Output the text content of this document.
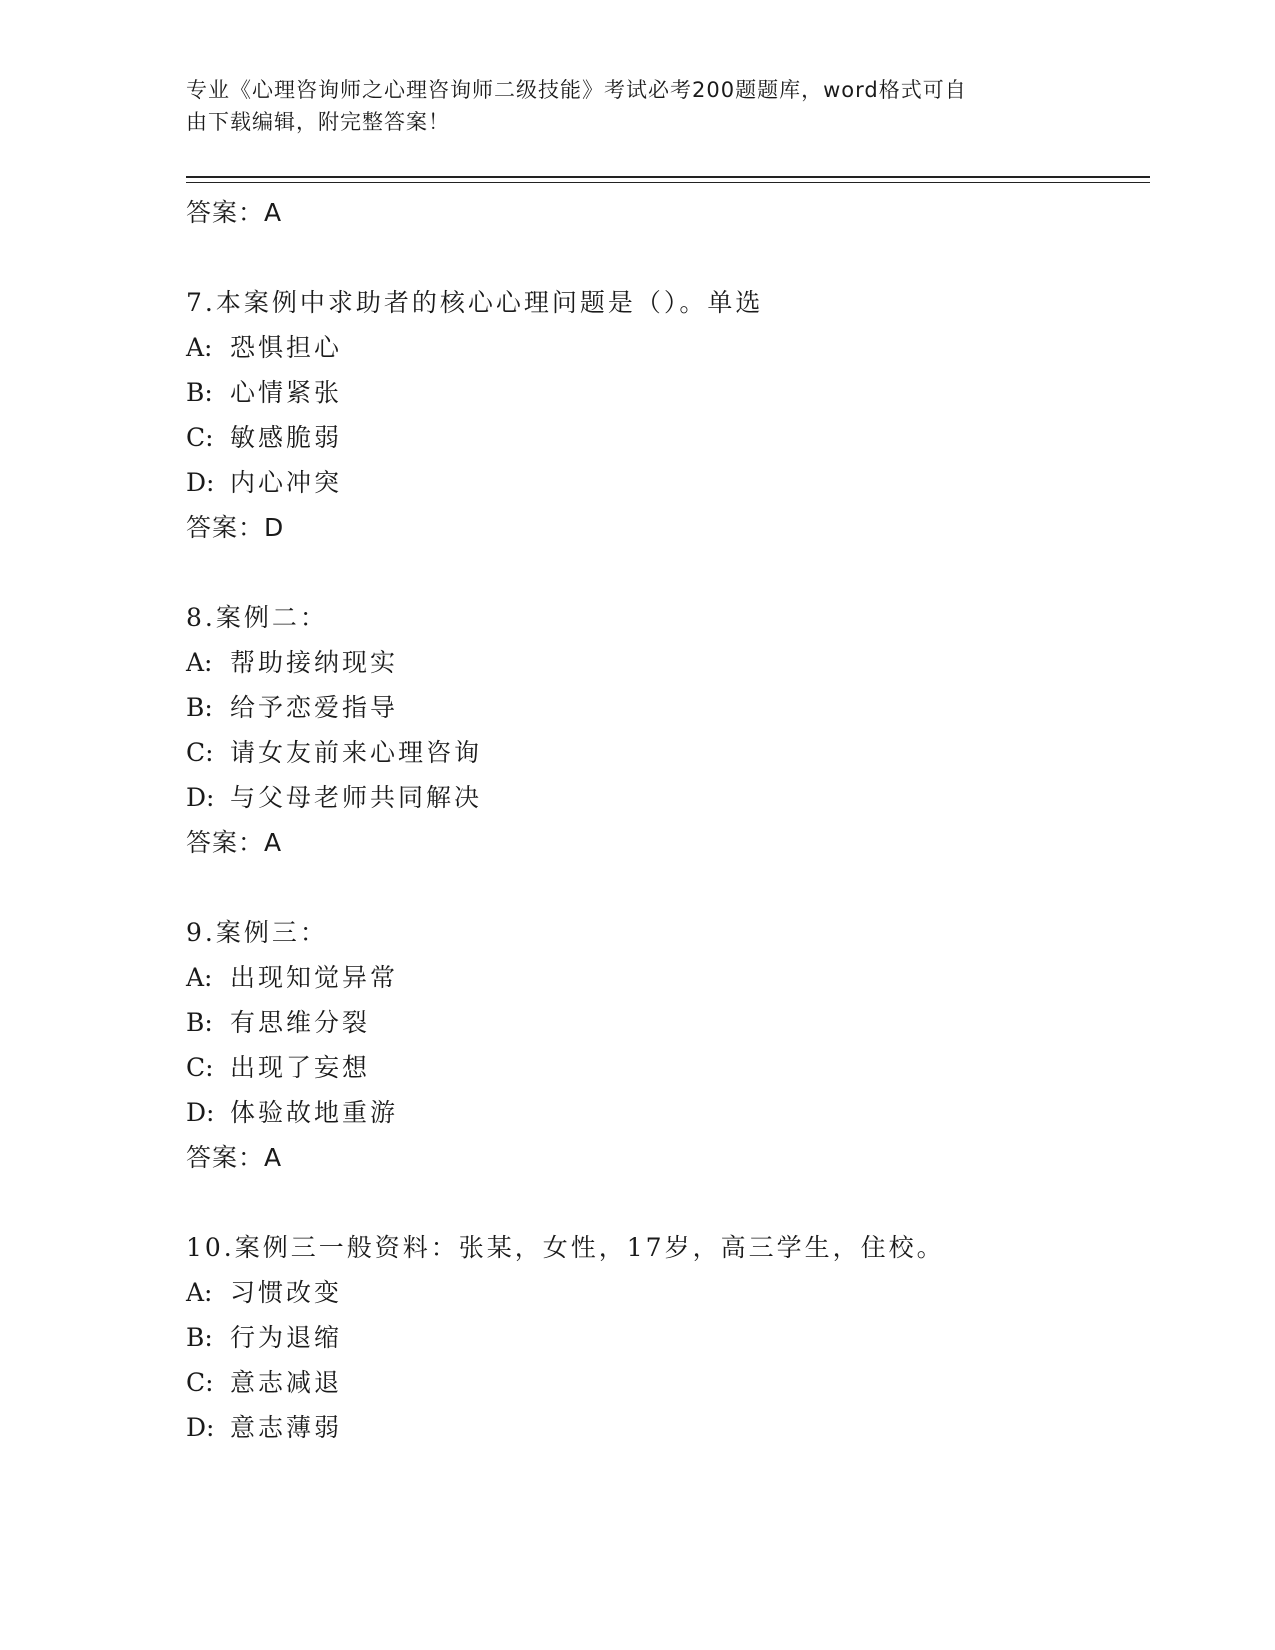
专业《心理咨询师之心理咨询师二级技能》考试必考200题题库，word格式可自
由下载编辑，附完整答案！
答案：A
7.本案例中求助者的核心心理问题是（）。单选
A: 恐惧担心
B: 心情紧张
C: 敏感脆弱
D: 内心冲突
答案：D
8.案例二：
A: 帮助接纳现实
B: 给予恋爱指导
C: 请女友前来心理咨询
D: 与父母老师共同解决
答案：A
9.案例三：
A: 出现知觉异常
B: 有思维分裂
C: 出现了妄想
D: 体验故地重游
答案：A
10.案例三一般资料：张某，女性，17岁，高三学生，住校。
A: 习惯改变
B: 行为退缩
C: 意志减退
D: 意志薄弱
